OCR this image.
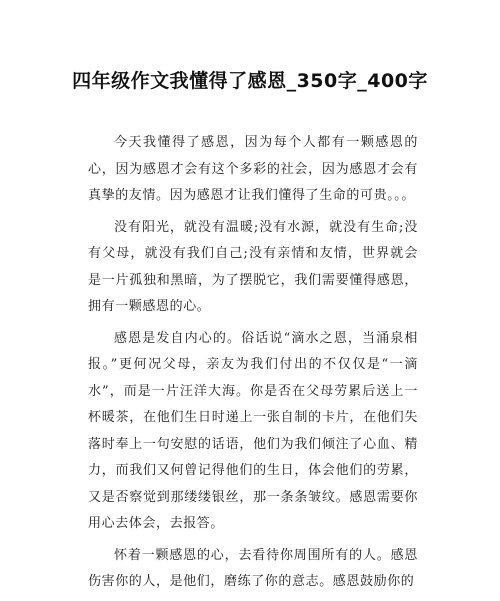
四年级作文我懂得了感恩_350字_400字

今天我懂得了感恩，因为每个人都有一颗感恩的心，因为感恩才会有这个多彩的社会，因为感恩才会有真挚的友情。因为感恩才让我们懂得了生命的可贵。。。

没有阳光，就没有温暖;没有水源，就没有生命;没有父母，就没有我们自己;没有亲情和友情，世界就会是一片孤独和黑暗，为了摆脱它，我们需要懂得感恩，拥有一颗感恩的心。

感恩是发自内心的。俗话说“滴水之恩，当涌泉相报。”更何况父母，亲友为我们付出的不仅仅是“一滴水”，而是一片汪洋大海。你是否在父母劳累后送上一杯暖茶，在他们生日时递上一张自制的卡片，在他们失落时奉上一句安慰的话语，他们为我们倾注了心血、精力，而我们又何曾记得他们的生日，体会他们的劳累，又是否察觉到那缕缕银丝，那一条条皱纹。感恩需要你用心去体会，去报答。

怀着一颗感恩的心，去看待你周围所有的人。感恩伤害你的人，是他们，磨练了你的意志。感恩鼓励你的
